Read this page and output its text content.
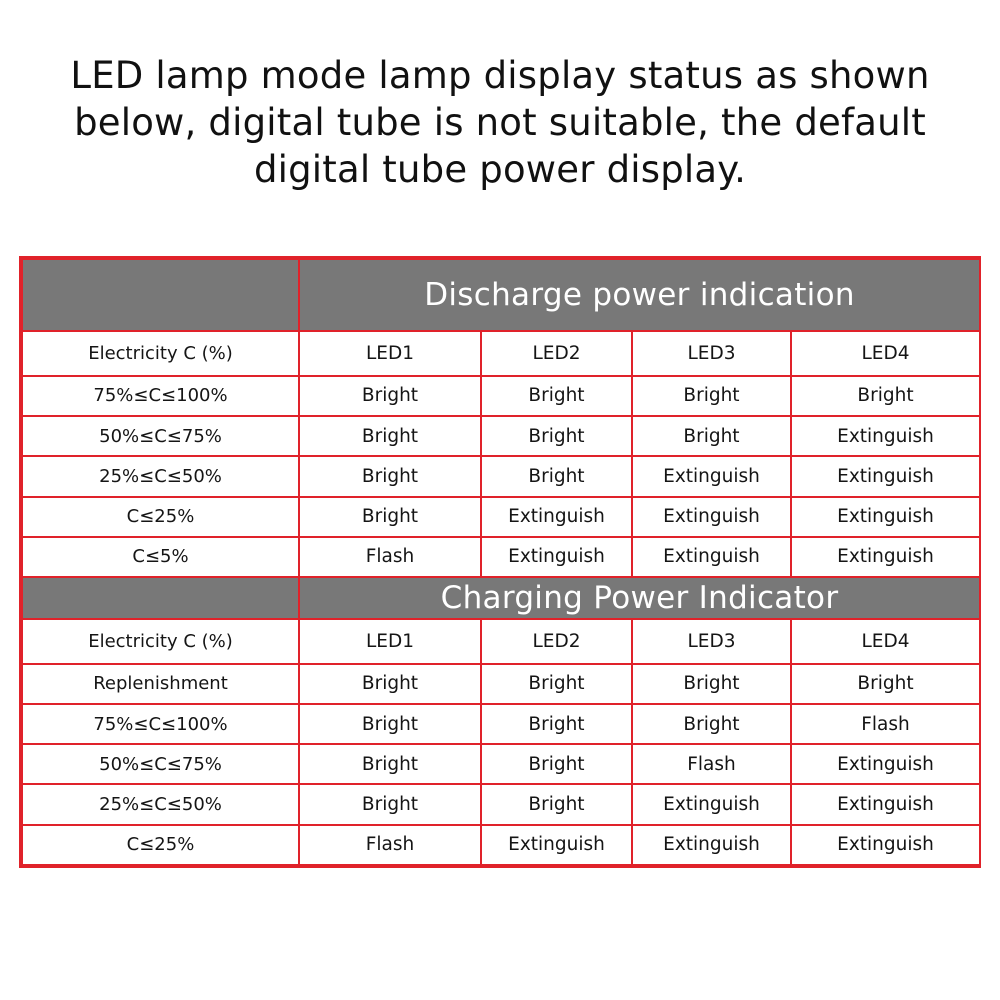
LED lamp mode lamp display status as shown
below, digital tube is not suitable, the default
digital tube power display.
	Discharge power indication			
Electricity C (%)	LED1	LED2	LED3	LED4
75%≤C≤100%	Bright	Bright	Bright	Bright
50%≤C≤75%	Bright	Bright	Bright	Extinguish
25%≤C≤50%	Bright	Bright	Extinguish	Extinguish
C≤25%	Bright	Extinguish	Extinguish	Extinguish
C≤5%	Flash	Extinguish	Extinguish	Extinguish
	Charging Power Indicator			
Electricity C (%)	LED1	LED2	LED3	LED4
Replenishment	Bright	Bright	Bright	Bright
75%≤C≤100%	Bright	Bright	Bright	Flash
50%≤C≤75%	Bright	Bright	Flash	Extinguish
25%≤C≤50%	Bright	Bright	Extinguish	Extinguish
C≤25%	Flash	Extinguish	Extinguish	Extinguish
